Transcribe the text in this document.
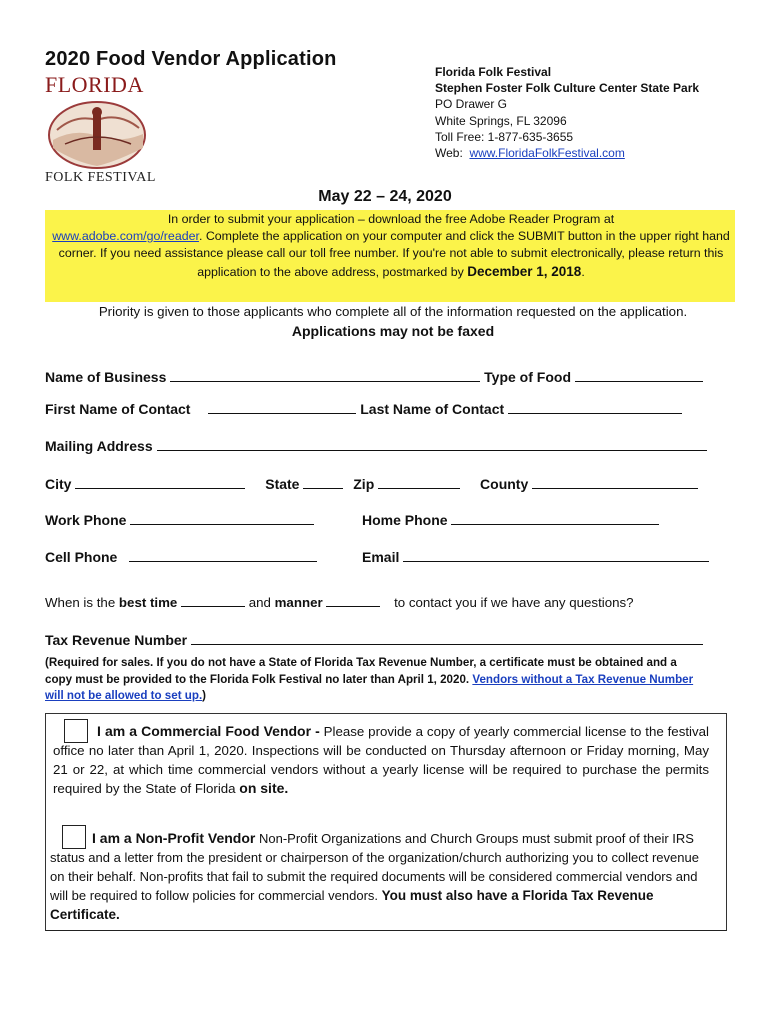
2020 Food Vendor Application
FLORIDA
FOLK FESTIVAL
Florida Folk Festival
Stephen Foster Folk Culture Center State Park
PO Drawer G
White Springs, FL 32096
Toll Free: 1-877-635-3655
Web: www.FloridaFolkFestival.com
May 22 – 24, 2020
In order to submit your application – download the free Adobe Reader Program at
www.adobe.com/go/reader. Complete the application on your computer and click the SUBMIT button in the upper right hand corner. If you need assistance please call our toll free number. If you're not able to submit electronically, please return this application to the above address, postmarked by December 1, 2018.
Priority is given to those applicants who complete all of the information requested on the application.
Applications may not be faxed
Name of Business	Type of Food
First Name of Contact	Last Name of Contact
Mailing Address
City	State	Zip	County
Work Phone	Home Phone
Cell Phone	Email
When is the best time	and manner	to contact you if we have any questions?
Tax Revenue Number
(Required for sales. If you do not have a State of Florida Tax Revenue Number, a certificate must be obtained and a copy must be provided to the Florida Folk Festival no later than April 1, 2020. Vendors without a Tax Revenue Number will not be allowed to set up.)
I am a Commercial Food Vendor - Please provide a copy of yearly commercial license to the festival office no later than April 1, 2020. Inspections will be conducted on Thursday afternoon or Friday morning, May 21 or 22, at which time commercial vendors without a yearly license will be required to purchase the permits required by the State of Florida on site.
I am a Non-Profit Vendor Non-Profit Organizations and Church Groups must submit proof of their IRS status and a letter from the president or chairperson of the organization/church authorizing you to collect revenue on their behalf. Non-profits that fail to submit the required documents will be considered commercial vendors and will be required to follow policies for commercial vendors. You must also have a Florida Tax Revenue Certificate.
